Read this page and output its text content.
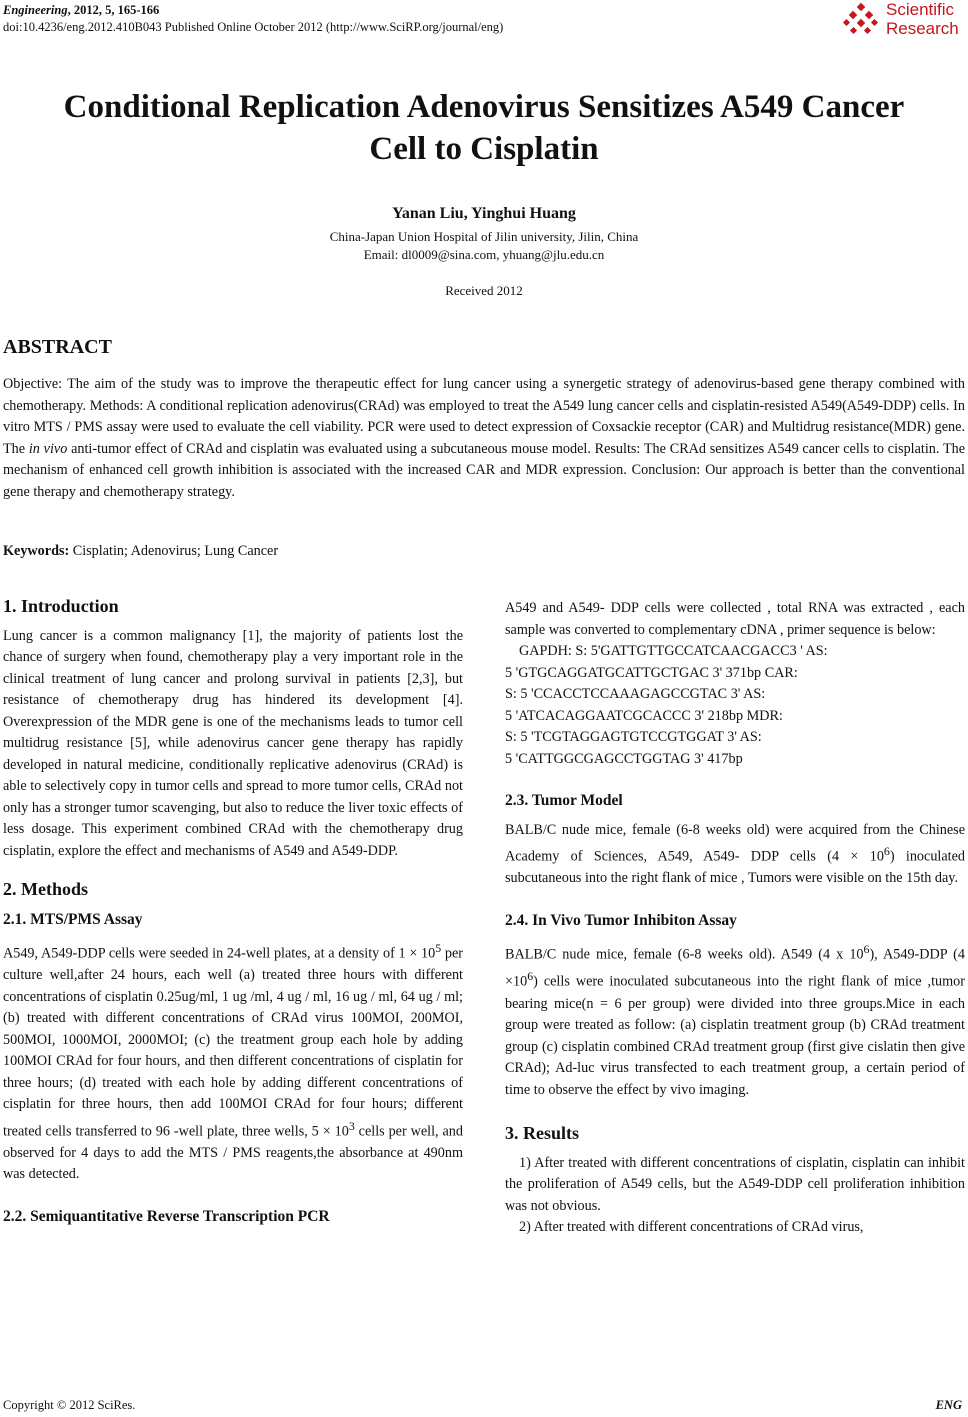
Engineering, 2012, 5, 165-166
doi:10.4236/eng.2012.410B043 Published Online October 2012 (http://www.SciRP.org/journal/eng)
Scientific
Research
Conditional Replication Adenovirus Sensitizes A549 Cancer
Cell to Cisplatin
Yanan Liu, Yinghui Huang
China-Japan Union Hospital of Jilin university, Jilin, China
Email: dl0009@sina.com, yhuang@jlu.edu.cn
Received 2012
ABSTRACT

Objective: The aim of the study was to improve the therapeutic effect for lung cancer using a synergetic strategy of adenovirus-based gene therapy combined with chemotherapy. Methods: A conditional replication adenovirus(CRAd) was employed to treat the A549 lung cancer cells and cisplatin-resisted A549(A549-DDP) cells. In vitro MTS / PMS assay were used to evaluate the cell viability. PCR were used to detect expression of Coxsackie receptor (CAR) and Multidrug resistance(MDR) gene. The in vivo anti-tumor effect of CRAd and cisplatin was evaluated using a subcutaneous mouse model. Results: The CRAd sensitizes A549 cancer cells to cisplatin. The mechanism of enhanced cell growth inhibition is associated with the increased CAR and MDR expression. Conclusion: Our approach is better than the conventional gene therapy and chemotherapy strategy.

Keywords: Cisplatin; Adenovirus; Lung Cancer
1. Introduction

Lung cancer is a common malignancy [1], the majority of patients lost the chance of surgery when found, chemotherapy play a very important role in the clinical treatment of lung cancer and prolong survival in patients [2,3], but resistance of chemotherapy drug has hindered its development [4]. Overexpression of the MDR gene is one of the mechanisms leads to tumor cell multidrug resistance [5], while adenovirus cancer gene therapy has rapidly developed in natural medicine, conditionally replicative adenovirus (CRAd) is able to selectively copy in tumor cells and spread to more tumor cells, CRAd not only has a stronger tumor scavenging, but also to reduce the liver toxic effects of less dosage. This experiment combined CRAd with the chemotherapy drug cisplatin, explore the effect and mechanisms of A549 and A549-DDP.

2. Methods
2.1. MTS/PMS Assay

A549, A549-DDP cells were seeded in 24-well plates, at a density of $1 \times 10^5$ per culture well,after 24 hours, each well (a) treated three hours with different concentrations of cisplatin 0.25ug/ml, 1 ug /ml, 4 ug / ml, 16 ug / ml, 64 ug / ml; (b) treated with different concentrations of CRAd virus 100MOI, 200MOI, 500MOI, 1000MOI, 2000MOI; (c) the treatment group each hole by adding 100MOI CRAd for four hours, and then different concentrations of cisplatin for three hours; (d) treated with each hole by adding different concentrations of cisplatin for three hours, then add 100MOI CRAd for four hours; different treated cells transferred to 96 -well plate, three wells, $5 \times 10^3$ cells per well, and observed for 4 days to add the MTS / PMS reagents,the absorbance at 490nm was detected.

2.2. Semiquantitative Reverse Transcription PCR

A549 and A549- DDP cells were collected , total RNA was extracted , each sample was converted to complementary cDNA , primer sequence is below:

GAPDH: S: 5'GATTGTTGCCATCAACGACC3 ' AS:
5 'GTGCAGGATGCATTGCTGAC 3' 371bp CAR:
S: 5 'CCACCTCCAAAGAGCCGTAC 3' AS:
5 'ATCACAGGAATCGCACCC 3' 218bp MDR:
S: 5 'TCGTAGGAGTGTCCGTGGAT 3' AS:
5 'CATTGGCGAGCCTGGTAG 3' 417bp
2.3. Tumor Model

BALB/C nude mice, female (6-8 weeks old) were acquired from the Chinese Academy of Sciences, A549, A549- DDP cells $(4 \times 10^6)$ inoculated subcutaneous into the right flank of mice , Tumors were visible on the 15th day.

2.4. In Vivo Tumor Inhibiton Assay

BALB/C nude mice, female (6-8 weeks old). A549 (4 x $10^6$), A549-DDP $(4 \times 10^6)$ cells were inoculated subcutaneous into the right flank of mice ,tumor bearing mice(n = 6 per group) were divided into three groups.Mice in each group were treated as follow: (a) cisplatin treatment group (b) CRAd treatment group (c) cisplatin combined CRAd treatment group (first give cislatin then give CRAd); Ad-luc virus transfected to each treatment group, a certain period of time to observe the effect by vivo imaging.

3. Results

1) After treated with different concentrations of cisplatin, cisplatin can inhibit the proliferation of A549 cells, but the A549-DDP cell proliferation inhibition was not obvious.

2) After treated with different concentrations of CRAd virus,

Copyright © 2012 SciRes.	ENG
